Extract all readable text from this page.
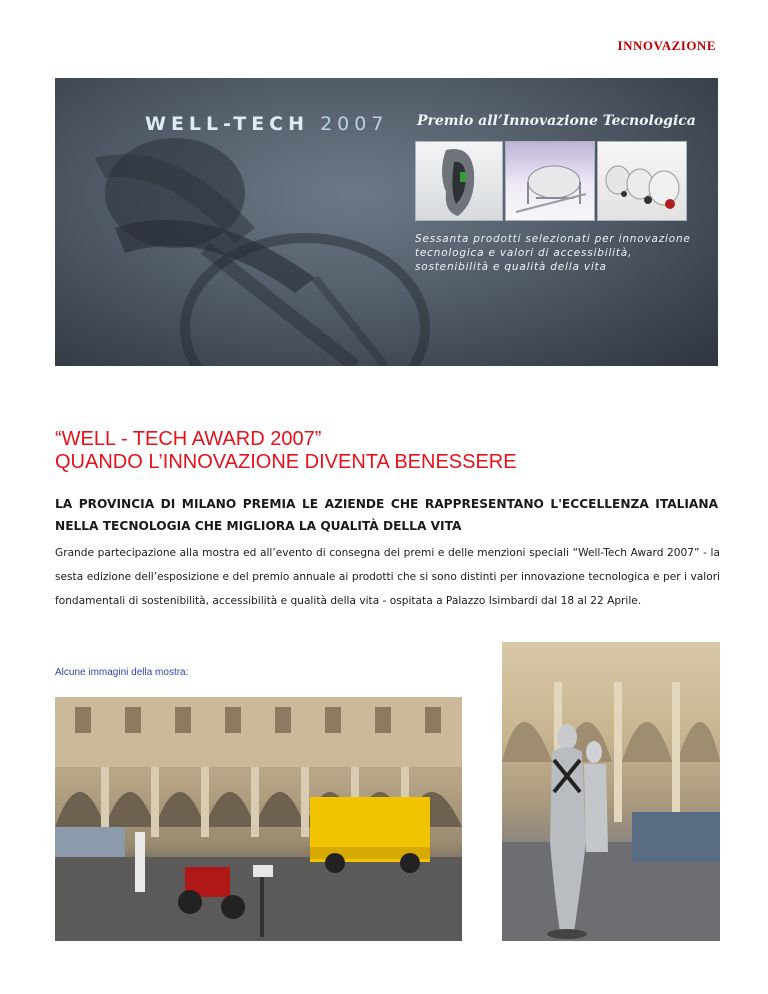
INNOVAZIONE
WELL-TECH 2007 Premio all’Innovazione Tecnologica
Sessanta prodotti selezionati per innovazione tecnologica e valori di accessibilità, sostenibilità e qualità della vita
“WELL - TECH AWARD 2007”
QUANDO L’INNOVAZIONE DIVENTA BENESSERE
LA PROVINCIA DI MILANO PREMIA LE AZIENDE CHE RAPPRESENTANO L'ECCELLENZA ITALIANA NELLA TECNOLOGIA CHE MIGLIORA LA QUALITÀ DELLA VITA
Grande partecipazione alla mostra ed all’evento di consegna dei premi e delle menzioni speciali “Well-Tech Award 2007” - la sesta edizione dell’esposizione e del premio annuale ai prodotti che si sono distinti per innovazione tecnologica e per i valori fondamentali di sostenibilità, accessibilità e qualità della vita - ospitata a Palazzo Isimbardi dal 18 al 22 Aprile.
Alcune immagini della mostra:
